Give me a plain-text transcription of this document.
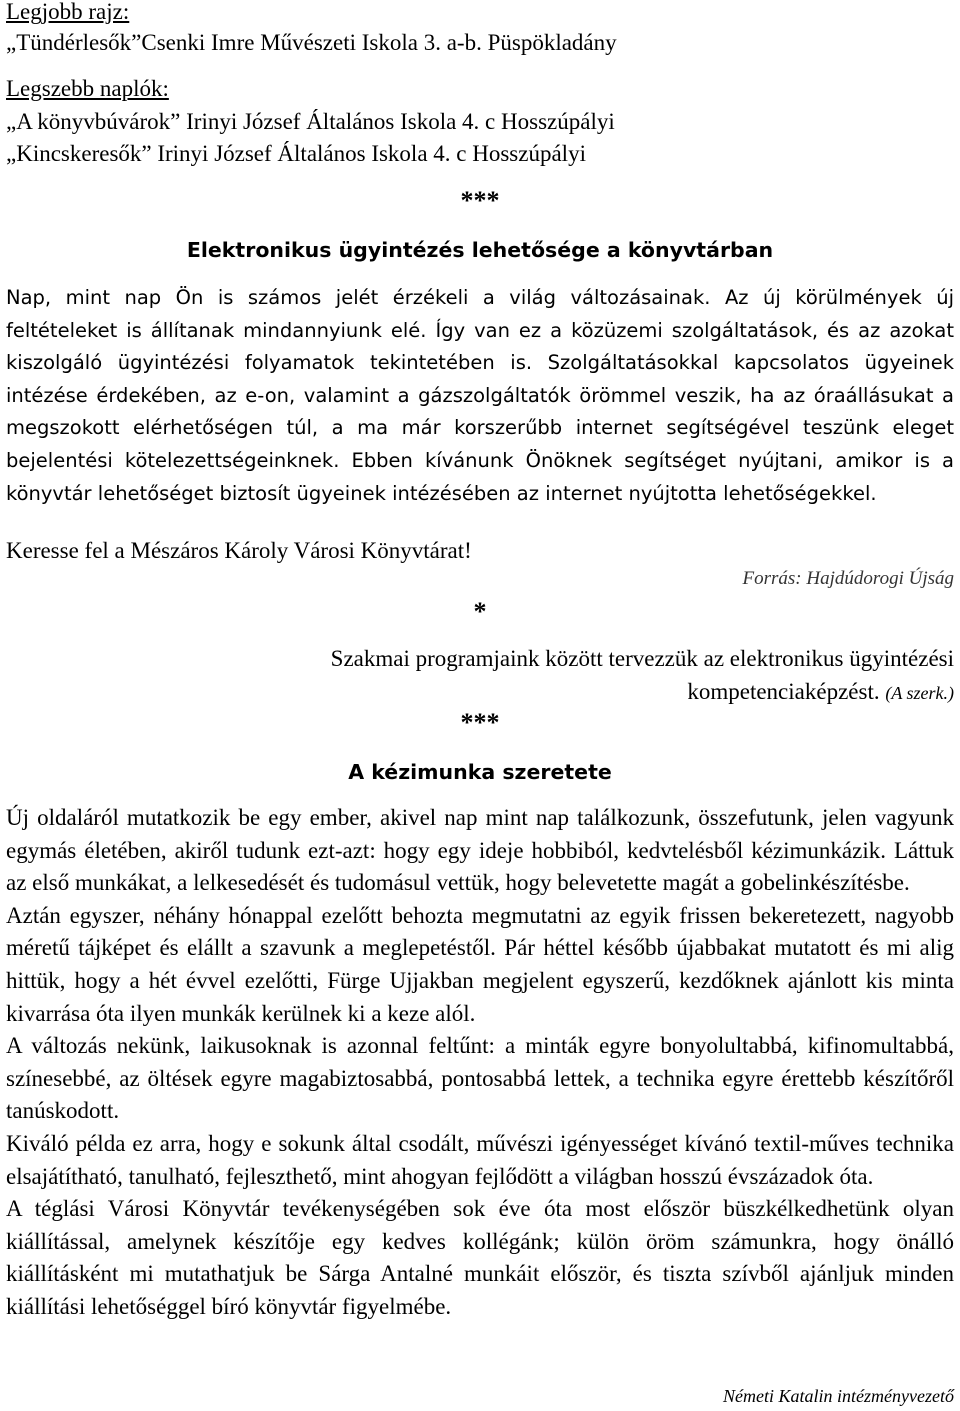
Legjobb rajz:
„Tündérlesők”Csenki Imre Művészeti Iskola 3. a-b. Püspökladány
Legszebb naplók:
„A könyvbúvárok” Irinyi József Általános Iskola 4. c Hosszúpályi
„Kincskeresők” Irinyi József Általános Iskola 4. c Hosszúpályi
***
Elektronikus ügyintézés lehetősége a könyvtárban
Nap, mint nap Ön is számos jelét érzékeli a világ változásainak. Az új körülmények új feltételeket is állítanak mindannyiunk elé. Így van ez a közüzemi szolgáltatások, és az azokat kiszolgáló ügyintézési folyamatok tekintetében is. Szolgáltatásokkal kapcsolatos ügyeinek intézése érdekében, az e-on, valamint a gázszolgáltatók örömmel veszik, ha az óraállásukat a megszokott elérhetőségen túl, a ma már korszerűbb internet segítségével teszünk eleget bejelentési kötelezettségeinknek. Ebben kívánunk Önöknek segítséget nyújtani, amikor is a könyvtár lehetőséget biztosít ügyeinek intézésében az internet nyújtotta lehetőségekkel.
Keresse fel a Mészáros Károly Városi Könyvtárat!
Forrás: Hajdúdorogi Újság
*
Szakmai programjaink között tervezzük az elektronikus ügyintézési
kompetenciaképzést. (A szerk.)
***
A kézimunka szeretete

Új oldaláról mutatkozik be egy ember, akivel nap mint nap találkozunk, összefutunk, jelen vagyunk egymás életében, akiről tudunk ezt-azt: hogy egy ideje hobbiból, kedvtelésből kézimunkázik. Láttuk az első munkákat, a lelkesedését és tudomásul vettük, hogy belevetette magát a gobelinkészítésbe.

Aztán egyszer, néhány hónappal ezelőtt behozta megmutatni az egyik frissen bekeretezett, nagyobb méretű tájképet és elállt a szavunk a meglepetéstől. Pár héttel később újabbakat mutatott és mi alig hittük, hogy a hét évvel ezelőtti, Fürge Ujjakban megjelent egyszerű, kezdőknek ajánlott kis minta kivarrása óta ilyen munkák kerülnek ki a keze alól.

A változás nekünk, laikusoknak is azonnal feltűnt: a minták egyre bonyolultabbá, kifinomultabbá, színesebbé, az öltések egyre magabiztosabbá, pontosabbá lettek, a technika egyre érettebb készítőről tanúskodott.

Kiváló példa ez arra, hogy e sokunk által csodált, művészi igényességet kívánó textil-műves technika elsajátítható, tanulható, fejleszthető, mint ahogyan fejlődött a világban hosszú évszázadok óta.

A téglási Városi Könyvtár tevékenységében sok éve óta most először büszkélkedhetünk olyan kiállítással, amelynek készítője egy kedves kollégánk; külön öröm számunkra, hogy önálló kiállításként mi mutathatjuk be Sárga Antalné munkáit először, és tiszta szívből ajánljuk minden kiállítási lehetőséggel bíró könyvtár figyelmébe.

Németi Katalin intézményvezető
